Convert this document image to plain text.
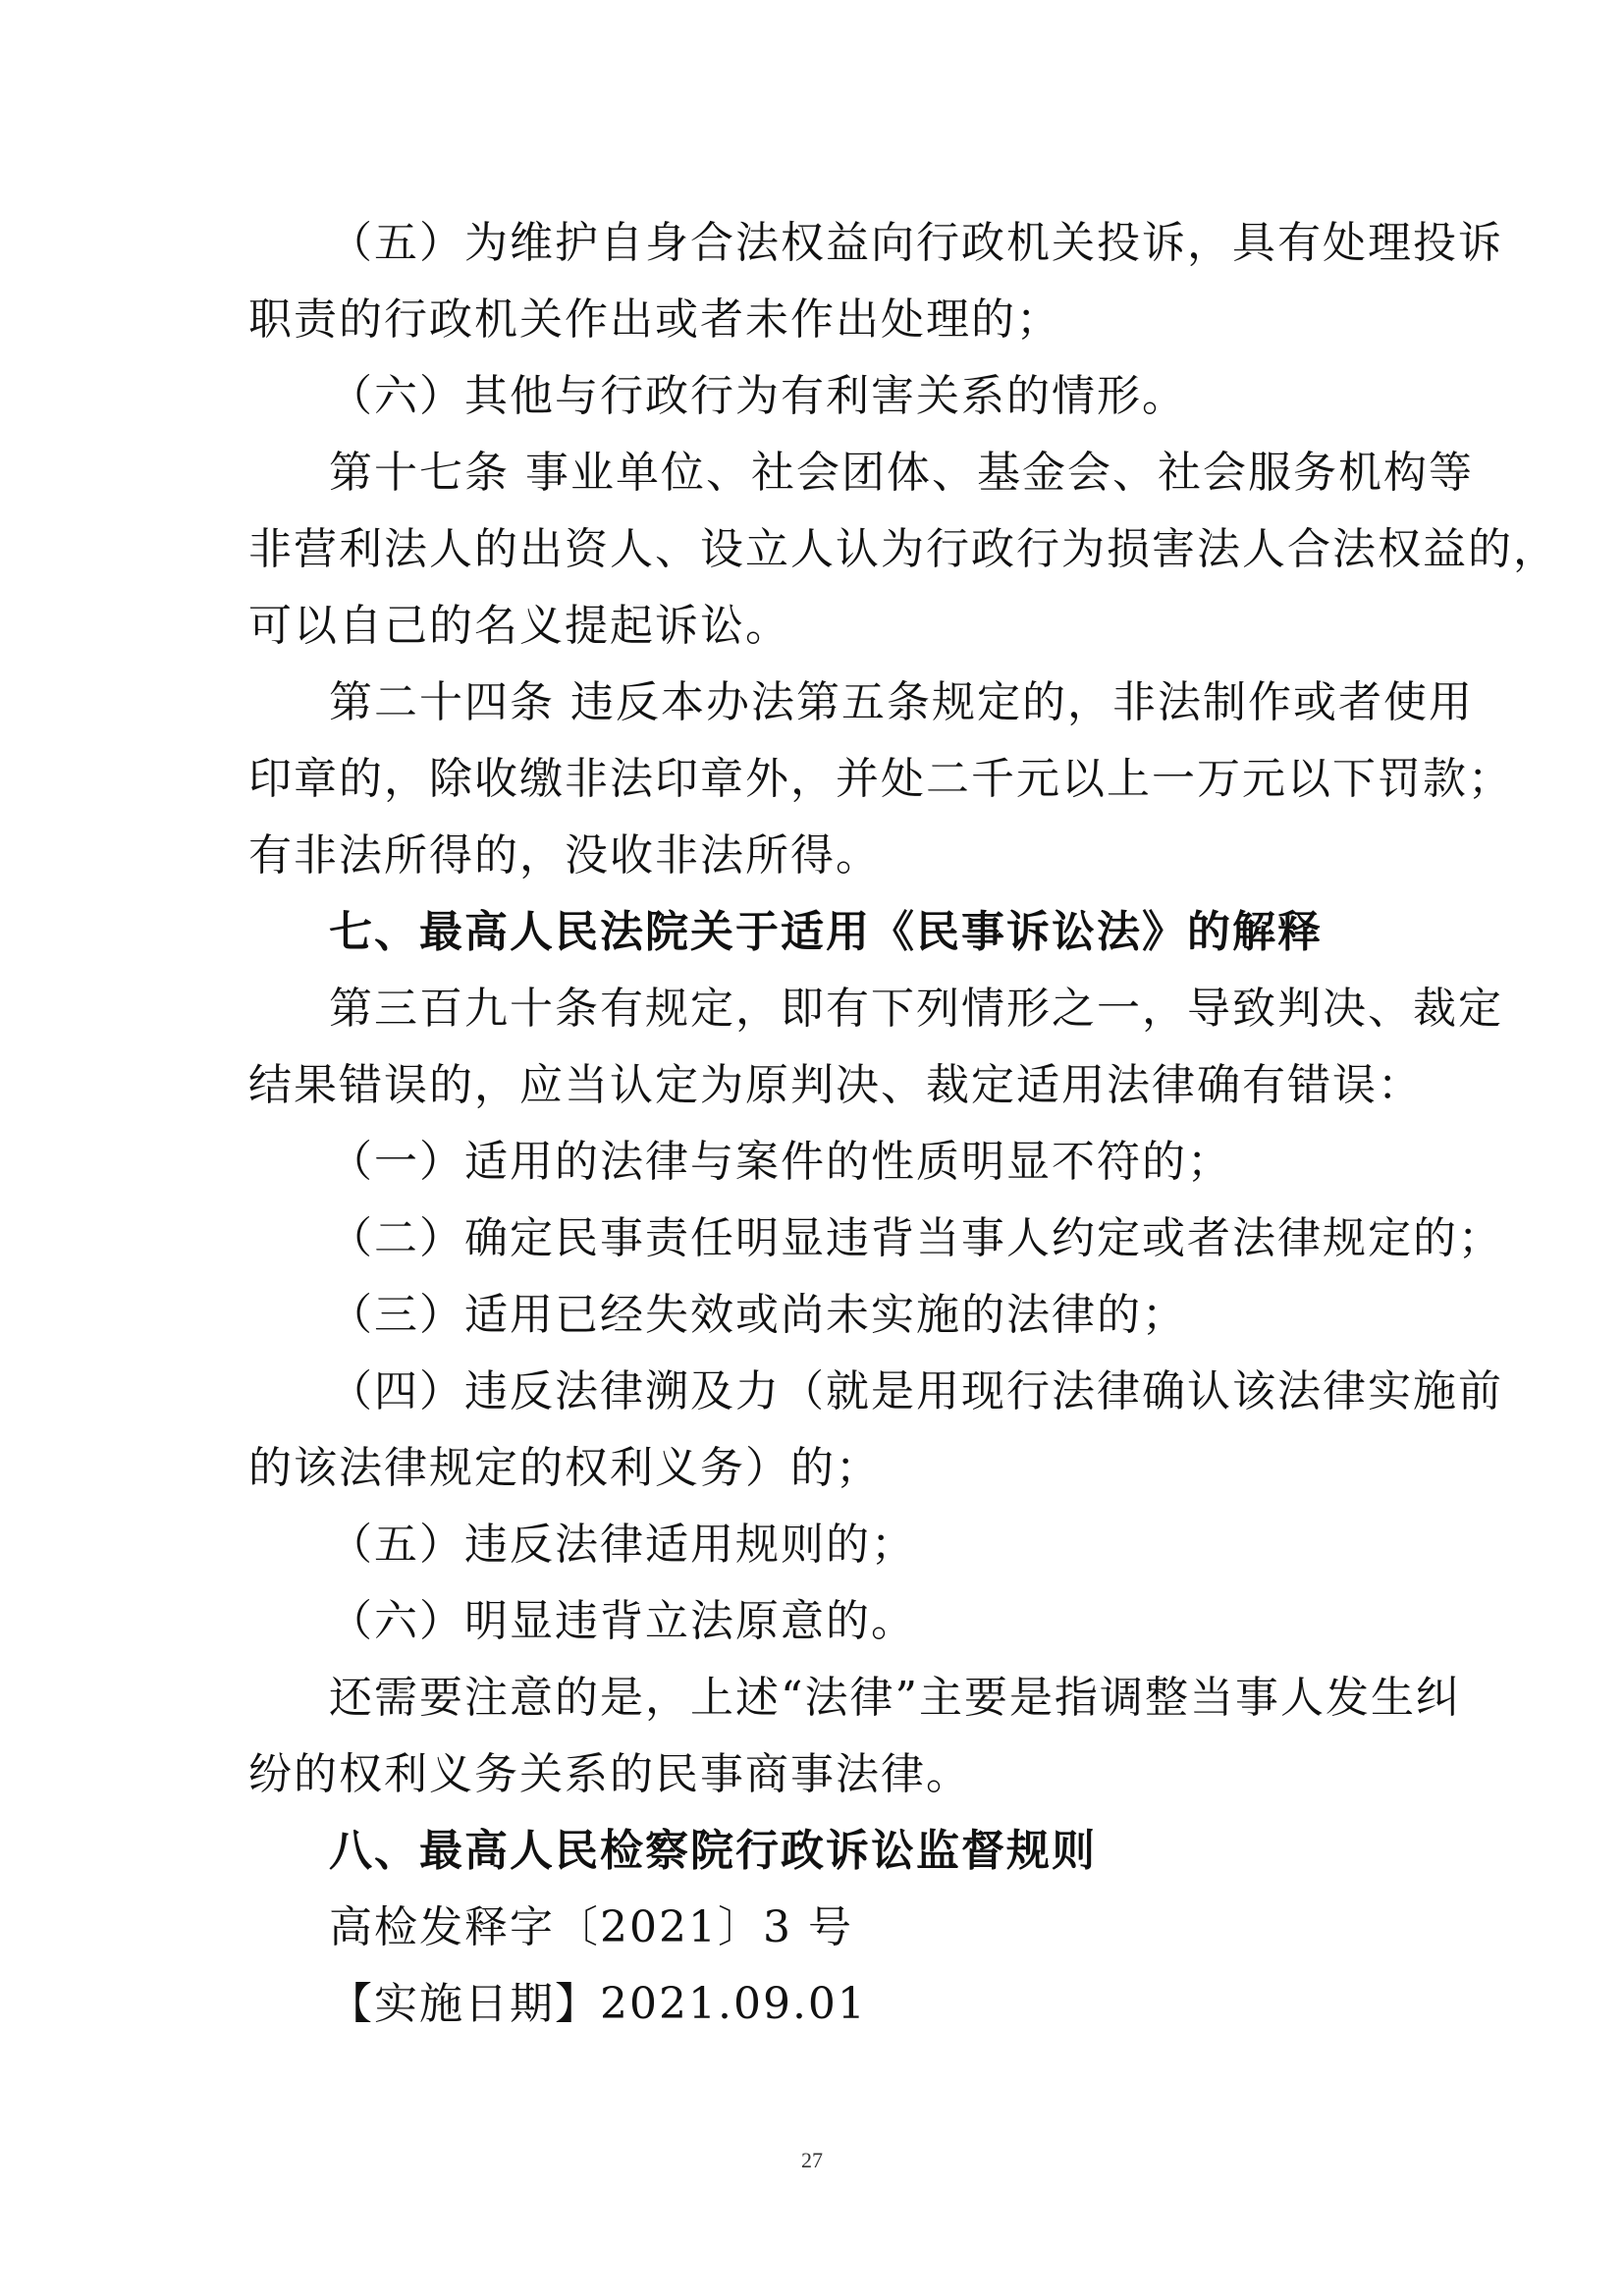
（五）为维护自身合法权益向行政机关投诉，具有处理投诉
职责的行政机关作出或者未作出处理的；
（六）其他与行政行为有利害关系的情形。
第十七条 事业单位、社会团体、基金会、社会服务机构等
非营利法人的出资人、设立人认为行政行为损害法人合法权益的，
可以自己的名义提起诉讼。
第二十四条 违反本办法第五条规定的，非法制作或者使用
印章的，除收缴非法印章外，并处二千元以上一万元以下罚款；
有非法所得的，没收非法所得。
七、最高人民法院关于适用《民事诉讼法》的解释
第三百九十条有规定，即有下列情形之一，导致判决、裁定
结果错误的，应当认定为原判决、裁定适用法律确有错误：
（一）适用的法律与案件的性质明显不符的；
（二）确定民事责任明显违背当事人约定或者法律规定的；
（三）适用已经失效或尚未实施的法律的；
（四）违反法律溯及力（就是用现行法律确认该法律实施前
的该法律规定的权利义务）的；
（五）违反法律适用规则的；
（六）明显违背立法原意的。
还需要注意的是，上述“法律”主要是指调整当事人发生纠
纷的权利义务关系的民事商事法律。
八、最高人民检察院行政诉讼监督规则
高检发释字〔2021〕3 号
【实施日期】2021.09.01
27
